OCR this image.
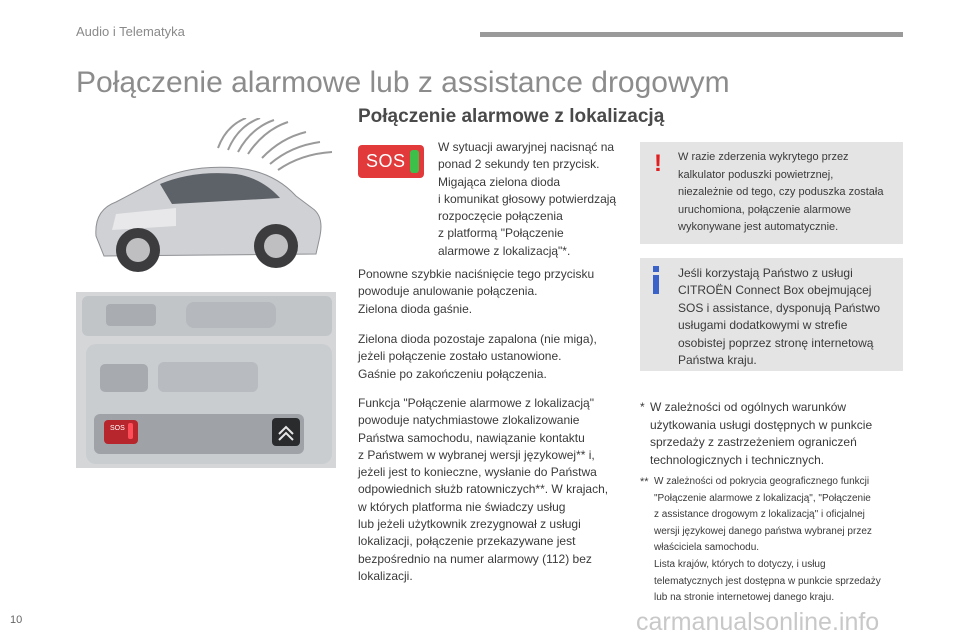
Audio i Telematyka
Połączenie alarmowe lub z assistance drogowym
SOS
Połączenie alarmowe z lokalizacją
SOS
W sytuacji awaryjnej nacisnąć na
ponad 2 sekundy ten przycisk.
Migająca zielona dioda
i komunikat głosowy potwierdzają
rozpoczęcie połączenia
z platformą "Połączenie
alarmowe z lokalizacją"*.
Ponowne szybkie naciśnięcie tego przycisku
powoduje anulowanie połączenia.
Zielona dioda gaśnie.
Zielona dioda pozostaje zapalona (nie miga),
jeżeli połączenie zostało ustanowione.
Gaśnie po zakończeniu połączenia.
Funkcja "Połączenie alarmowe z lokalizacją"
powoduje natychmiastowe zlokalizowanie
Państwa samochodu, nawiązanie kontaktu
z Państwem w wybranej wersji językowej** i,
jeżeli jest to konieczne, wysłanie do Państwa
odpowiednich służb ratowniczych**. W krajach,
w których platforma nie świadczy usług
lub jeżeli użytkownik zrezygnował z usługi
lokalizacji, połączenie przekazywane jest
bezpośrednio na numer alarmowy (112) bez
lokalizacji.
! W razie zderzenia wykrytego przez
kalkulator poduszki powietrznej,
niezależnie od tego, czy poduszka została
uruchomiona, połączenie alarmowe
wykonywane jest automatycznie.
Jeśli korzystają Państwo z usługi
CITROËN Connect Box obejmującej
SOS i assistance, dysponują Państwo
usługami dodatkowymi w strefie
osobistej poprzez stronę internetową
Państwa kraju.
* W zależności od ogólnych warunków
użytkowania usługi dostępnych w punkcie
sprzedaży z zastrzeżeniem ograniczeń
technologicznych i technicznych.
** W zależności od pokrycia geograficznego funkcji
"Połączenie alarmowe z lokalizacją", "Połączenie
z assistance drogowym z lokalizacją" i oficjalnej
wersji językowej danego państwa wybranej przez
właściciela samochodu.
Lista krajów, których to dotyczy, i usług
telematycznych jest dostępna w punkcie sprzedaży
lub na stronie internetowej danego kraju.
10	carmanualsonline.info
